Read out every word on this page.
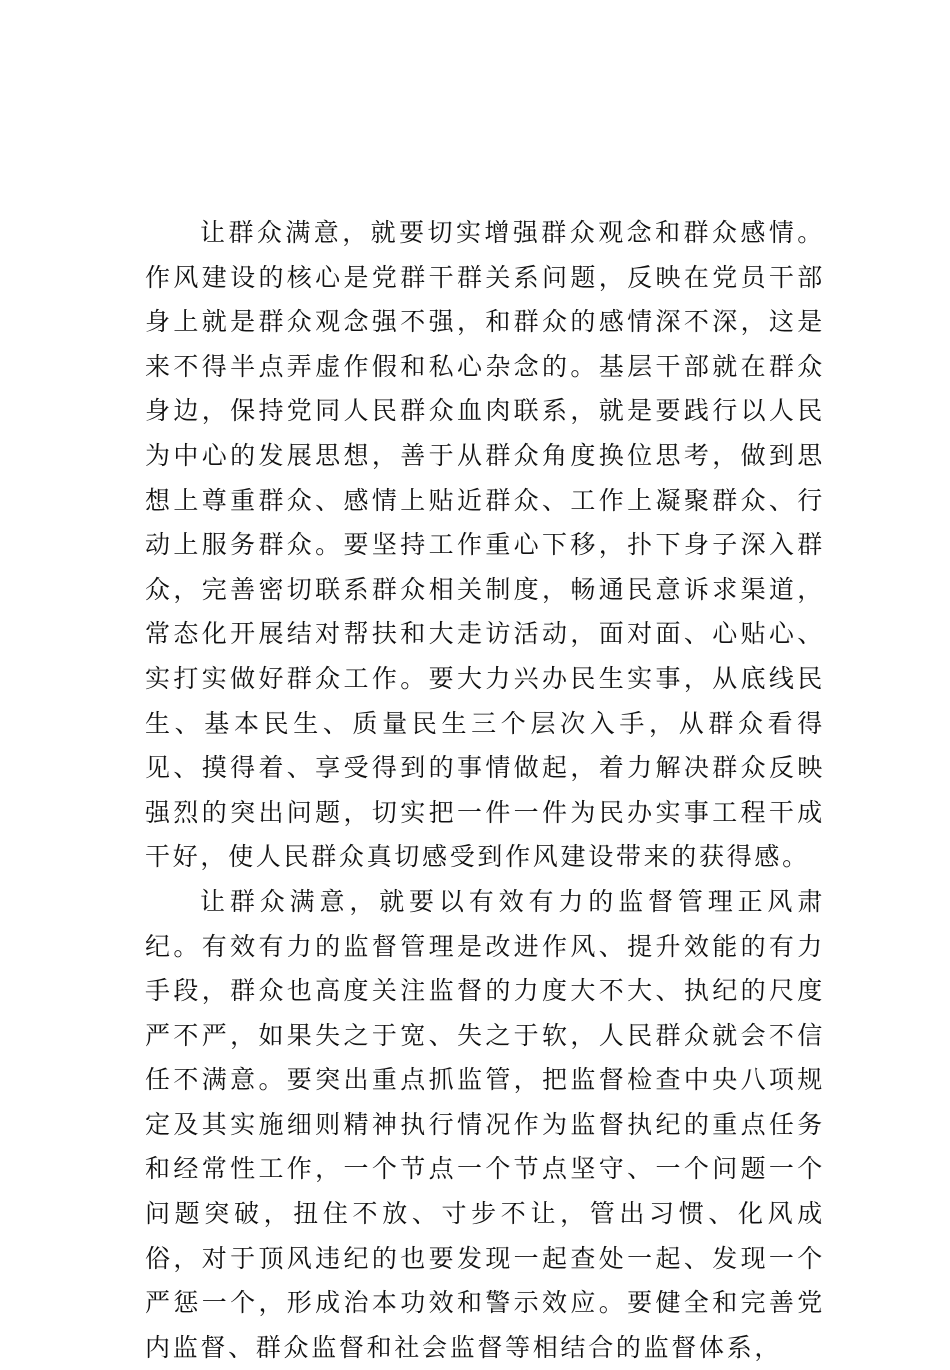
让群众满意，就要切实增强群众观念和群众感情。作风建设的核心是党群干群关系问题，反映在党员干部身上就是群众观念强不强，和群众的感情深不深，这是来不得半点弄虚作假和私心杂念的。基层干部就在群众身边，保持党同人民群众血肉联系，就是要践行以人民为中心的发展思想，善于从群众角度换位思考，做到思想上尊重群众、感情上贴近群众、工作上凝聚群众、行动上服务群众。要坚持工作重心下移，扑下身子深入群众，完善密切联系群众相关制度，畅通民意诉求渠道，常态化开展结对帮扶和大走访活动，面对面、心贴心、实打实做好群众工作。要大力兴办民生实事，从底线民生、基本民生、质量民生三个层次入手，从群众看得见、摸得着、享受得到的事情做起，着力解决群众反映强烈的突出问题，切实把一件一件为民办实事工程干成干好，使人民群众真切感受到作风建设带来的获得感。

让群众满意，就要以有效有力的监督管理正风肃纪。有效有力的监督管理是改进作风、提升效能的有力手段，群众也高度关注监督的力度大不大、执纪的尺度严不严，如果失之于宽、失之于软，人民群众就会不信任不满意。要突出重点抓监管，把监督检查中央八项规定及其实施细则精神执行情况作为监督执纪的重点任务和经常性工作，一个节点一个节点坚守、一个问题一个问题突破，扭住不放、寸步不让，管出习惯、化风成俗，对于顶风违纪的也要发现一起查处一起、发现一个严惩一个，形成治本功效和警示效应。要健全和完善党内监督、群众监督和社会监督等相结合的监督体系，
